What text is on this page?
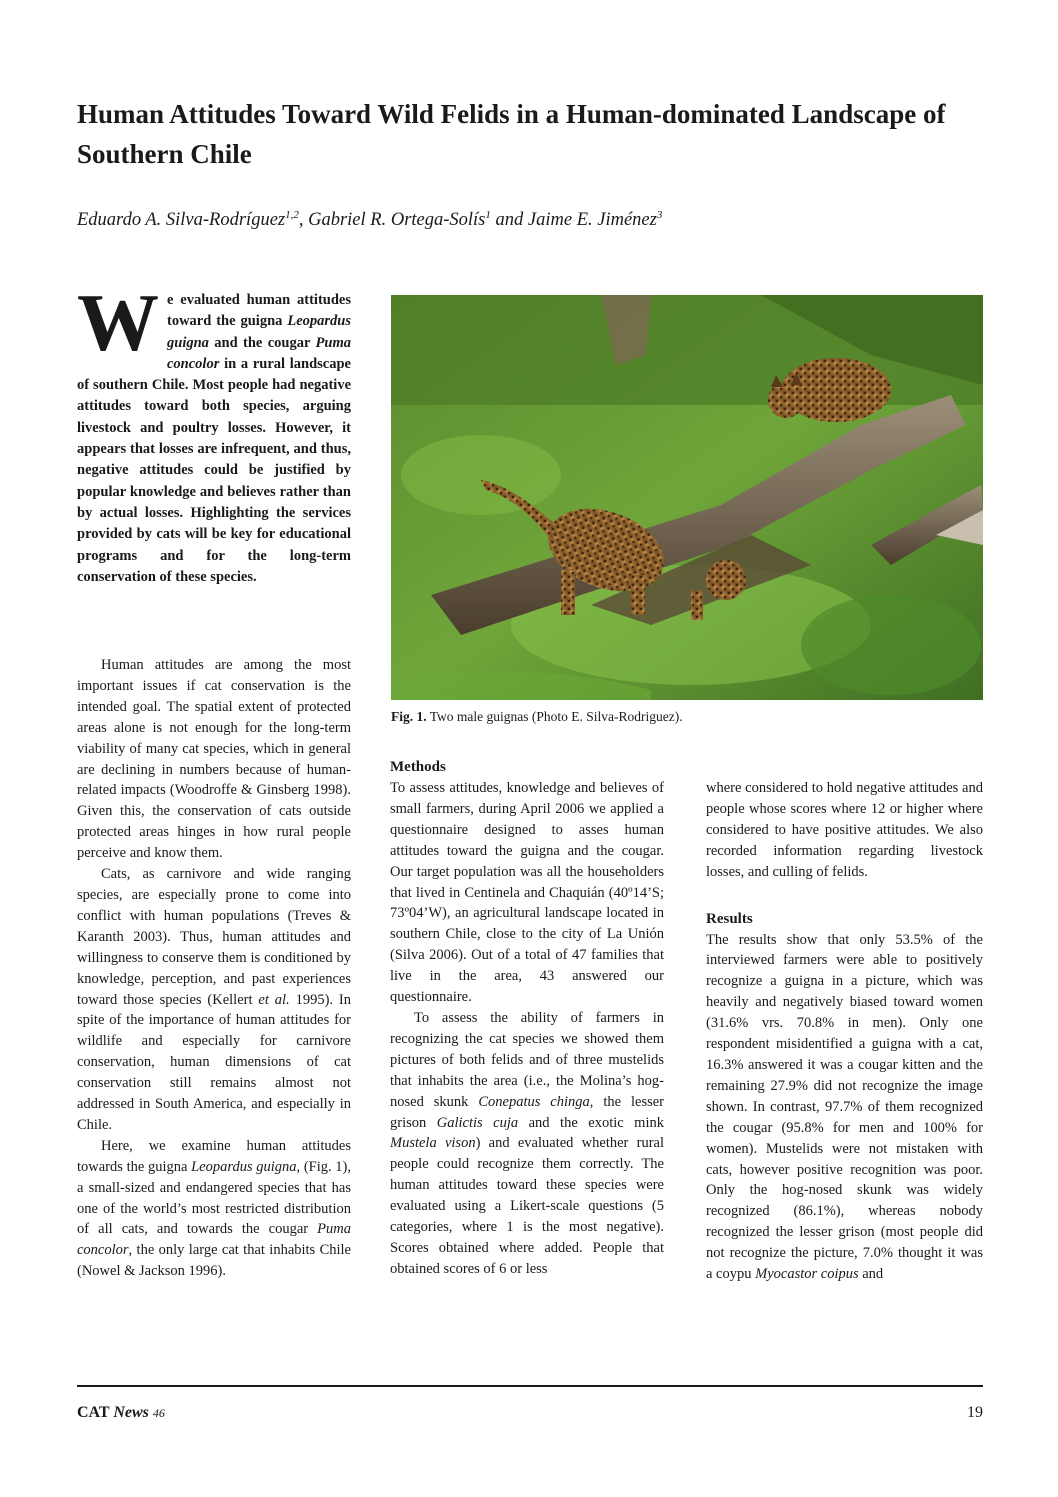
Human Attitudes Toward Wild Felids in a Human-dominated Landscape of Southern Chile

Eduardo A. Silva-Rodríguez$^{1,2}$, Gabriel R. Ortega-Solís$^1$ and Jaime E. Jiménez$^3$

We evaluated human attitudes toward the guigna Leopardus guigna and the cougar Puma concolor in a rural landscape of southern Chile. Most people had negative attitudes toward both species, arguing livestock and poultry losses. However, it appears that losses are infrequent, and thus, negative attitudes could be justified by popular knowledge and believes rather than by actual losses. Highlighting the services provided by cats will be key for educational programs and for the long-term conservation of these species.

Human attitudes are among the most important issues if cat conservation is the intended goal. The spatial extent of protected areas alone is not enough for the long-term viability of many cat species, which in general are declining in numbers because of human-related impacts (Woodroffe & Ginsberg 1998). Given this, the conservation of cats outside protected areas hinges in how rural people perceive and know them.

Cats, as carnivore and wide ranging species, are especially prone to come into conflict with human populations (Treves & Karanth 2003). Thus, human attitudes and willingness to conserve them is conditioned by knowledge, perception, and past experiences toward those species (Kellert et al. 1995). In spite of the importance of human attitudes for wildlife and especially for carnivore conservation, human dimensions of cat conservation still remains almost not addressed in South America, and especially in Chile.

Here, we examine human attitudes towards the guigna Leopardus guigna, (Fig. 1), a small-sized and endangered species that has one of the world’s most restricted distribution of all cats, and towards the cougar Puma concolor, the only large cat that inhabits Chile (Nowel & Jackson 1996).

Fig. 1. Two male guignas (Photo E. Silva-Rodriguez).

Methods

To assess attitudes, knowledge and believes of small farmers, during April 2006 we applied a questionnaire designed to asses human attitudes toward the guigna and the cougar. Our target population was all the householders that lived in Centinela and Chaquián (40º14’S; 73º04’W), an agricultural landscape located in southern Chile, close to the city of La Unión (Silva 2006). Out of a total of 47 families that live in the area, 43 answered our questionnaire.

To assess the ability of farmers in recognizing the cat species we showed them pictures of both felids and of three mustelids that inhabits the area (i.e., the Molina’s hog-nosed skunk Conepatus chinga, the lesser grison Galictis cuja and the exotic mink Mustela vison) and evaluated whether rural people could recognize them correctly. The human attitudes toward these species were evaluated using a Likert-scale questions (5 categories, where 1 is the most negative). Scores obtained where added. People that obtained scores of 6 or less

where considered to hold negative attitudes and people whose scores where 12 or higher where considered to have positive attitudes. We also recorded information regarding livestock losses, and culling of felids.

Results

The results show that only 53.5% of the interviewed farmers were able to positively recognize a guigna in a picture, which was heavily and negatively biased toward women (31.6% vrs. 70.8% in men). Only one respondent misidentified a guigna with a cat, 16.3% answered it was a cougar kitten and the remaining 27.9% did not recognize the image shown. In contrast, 97.7% of them recognized the cougar (95.8% for men and 100% for women). Mustelids were not mistaken with cats, however positive recognition was poor. Only the hog-nosed skunk was widely recognized (86.1%), whereas nobody recognized the lesser grison (most people did not recognize the picture, 7.0% thought it was a coypu Myocastor coipus and

CAT News 46	19
